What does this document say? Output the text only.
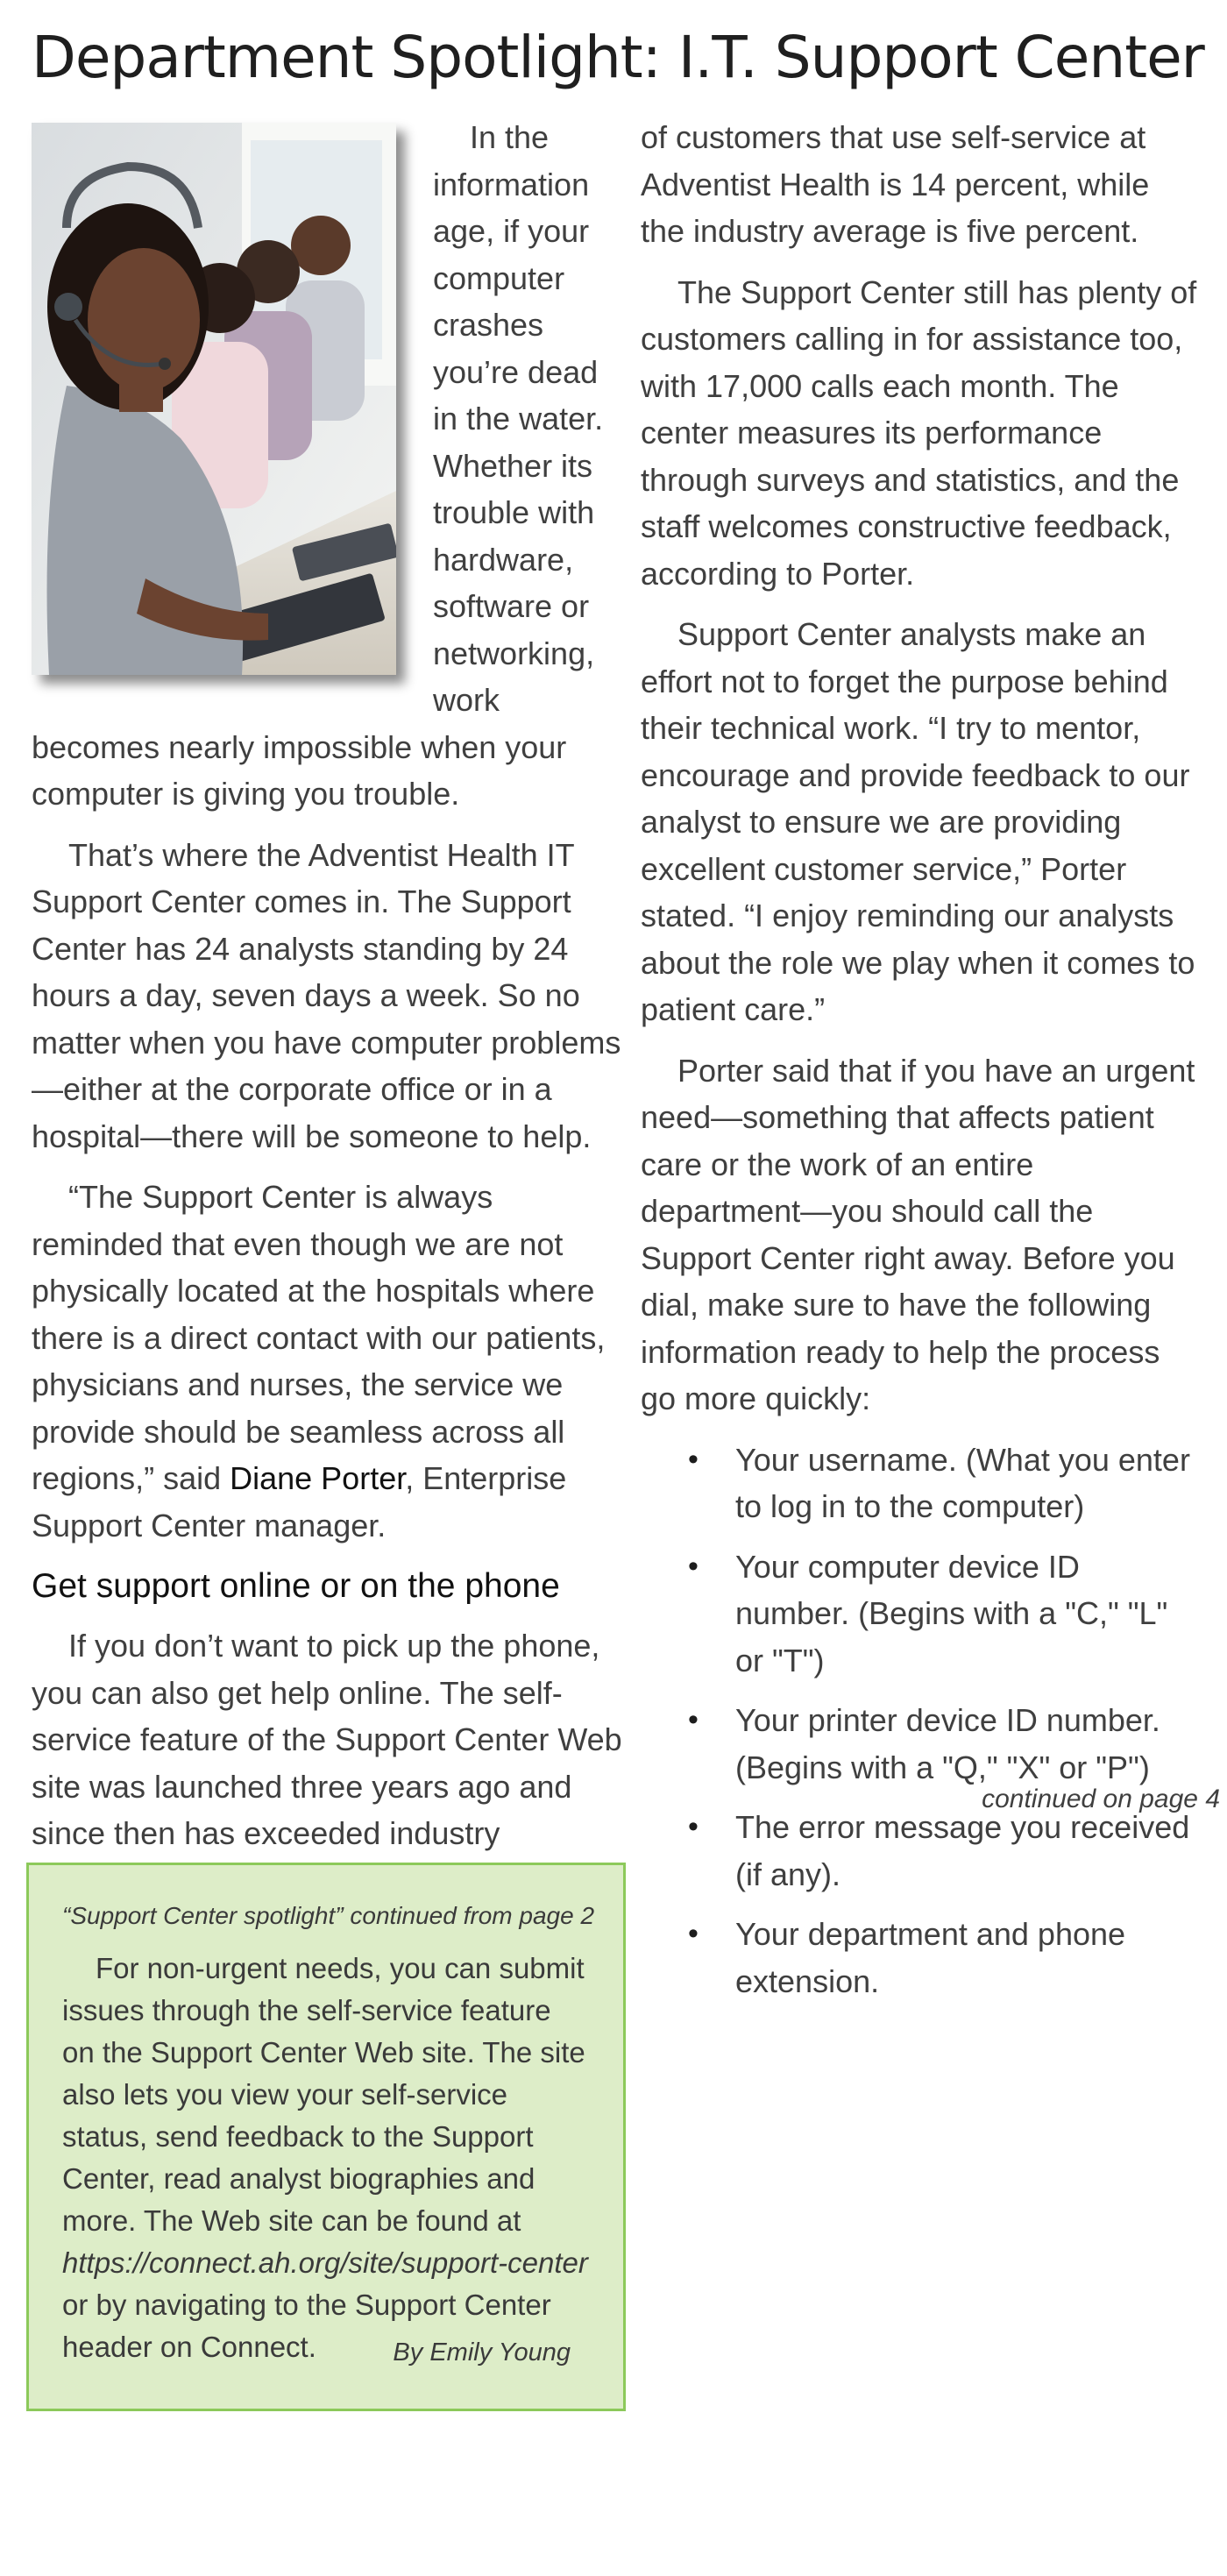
Department Spotlight: I.T. Support Center

In the information age, if your computer crashes you’re dead in the water. Whether its trouble with hardware, software or networking, work becomes nearly impossible when your computer is giving you trouble.

That’s where the Adventist Health IT Support Center comes in. The Support Center has 24 analysts standing by 24 hours a day, seven days a week. So no matter when you have computer problems—either at the corporate office or in a hospital—there will be someone to help.

“The Support Center is always reminded that even though we are not physically located at the hospitals where there is a direct contact with our patients, physicians and nurses, the service we provide should be seamless across all regions,” said Diane Porter, Enterprise Support Center manager.

Get support online or on the phone

If you don’t want to pick up the phone, you can also get help online. The self-service feature of the Support Center Web site was launched three years ago and since then has exceeded industry

of customers that use self-service at Adventist Health is 14 percent, while the industry average is five percent.

The Support Center still has plenty of customers calling in for assistance too, with 17,000 calls each month. The center measures its performance through surveys and statistics, and the staff welcomes constructive feedback, according to Porter.

Support Center analysts make an effort not to forget the purpose behind their technical work. “I try to mentor, encourage and provide feedback to our analyst to ensure we are providing excellent customer service,” Porter stated. “I enjoy reminding our analysts about the role we play when it comes to patient care.”

Porter said that if you have an urgent need—something that affects patient care or the work of an entire department—you should call the Support Center right away. Before you dial, make sure to have the following information ready to help the process go more quickly:

•	Your username. (What you enter to log in to the computer)
•	Your computer device ID number. (Begins with a "C," "L" or "T")
•	Your printer device ID number. (Begins with a "Q," "X" or "P")
•	The error message you received (if any).
•	Your department and phone extension.
continued on page 4
“Support Center spotlight” continued from page 2
For non-urgent needs, you can submit issues through the self-service feature on the Support Center Web site. The site also lets you view your self-service status, send feedback to the Support Center, read analyst biographies and more. The Web site can be found at https://connect.ah.org/site/support-center or by navigating to the Support Center header on Connect.	By Emily Young
